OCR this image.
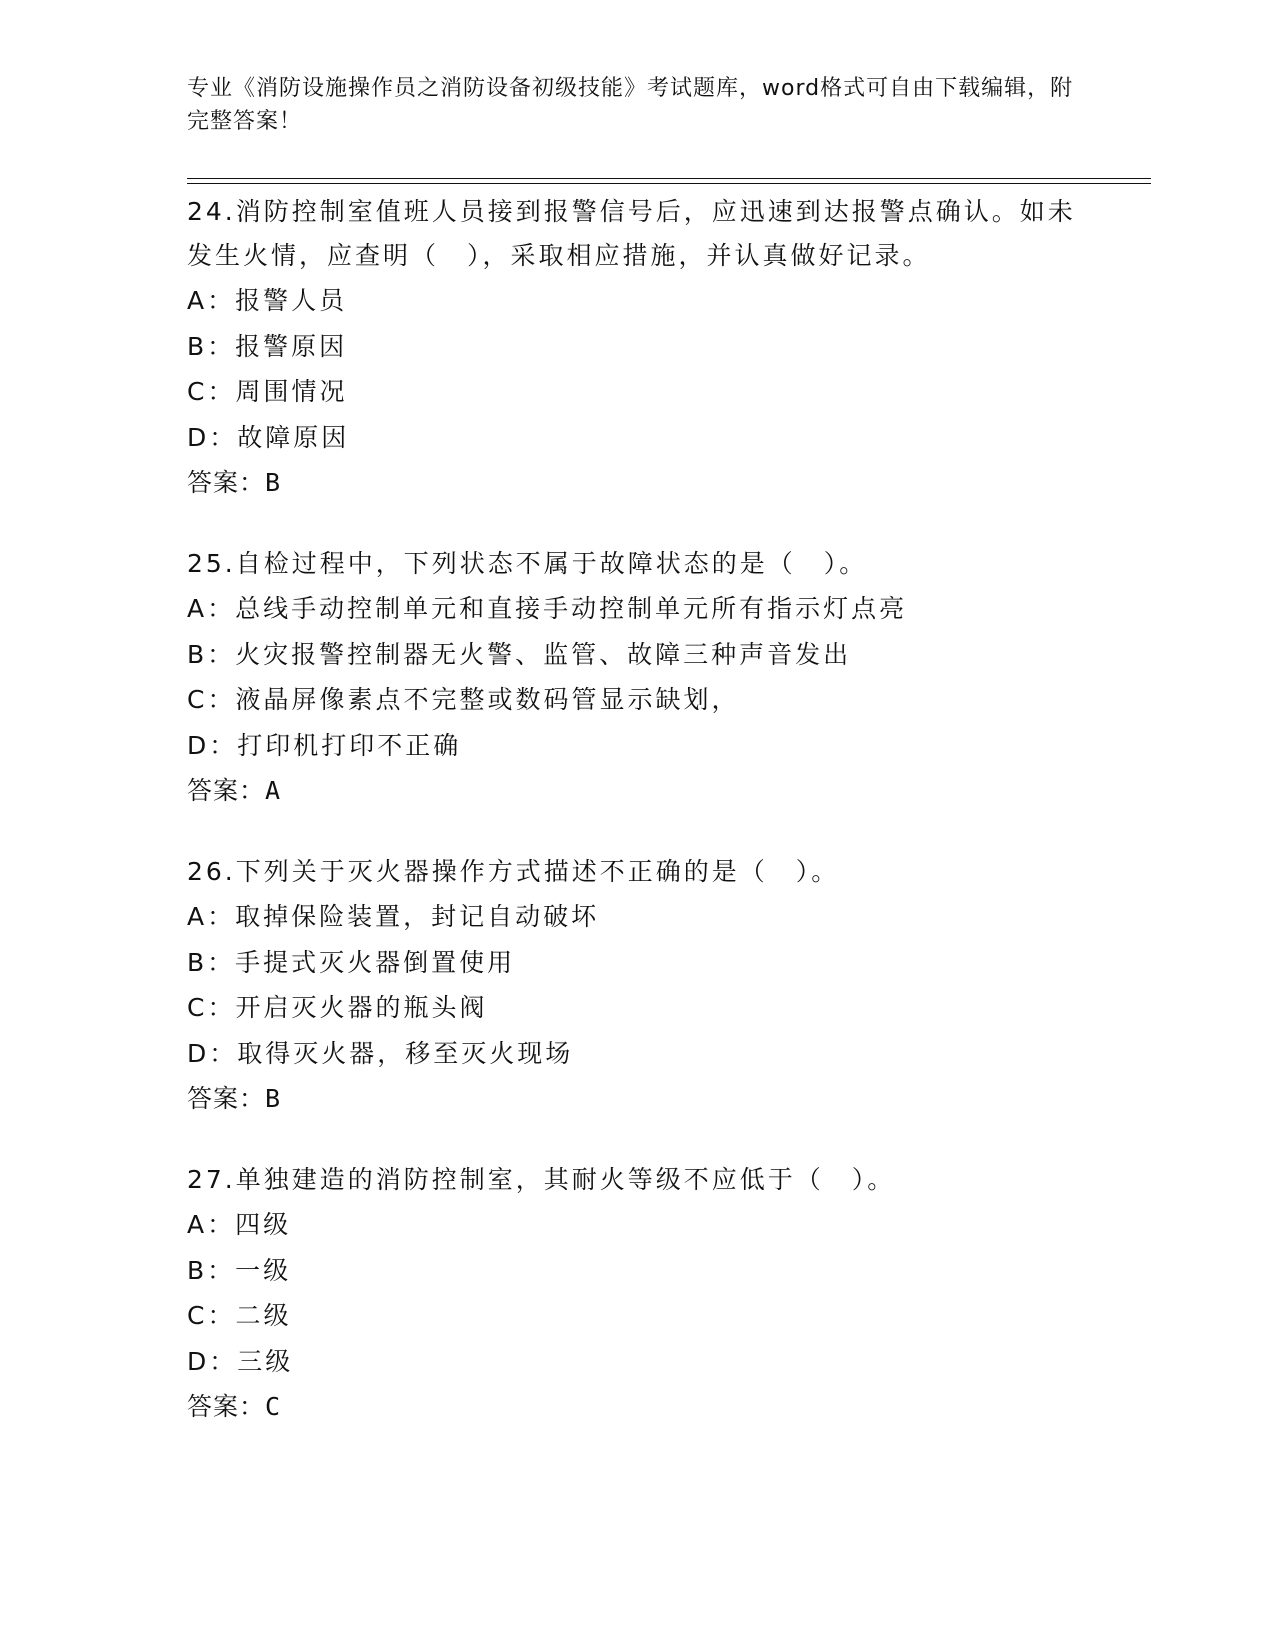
专业《消防设施操作员之消防设备初级技能》考试题库，word格式可自由下载编辑，附完整答案！

24.消防控制室值班人员接到报警信号后，应迅速到达报警点确认。如未发生火情，应查明（　），采取相应措施，并认真做好记录。

A：报警人员

B：报警原因

C：周围情况

D：故障原因

答案：B

25.自检过程中，下列状态不属于故障状态的是（　）。

A：总线手动控制单元和直接手动控制单元所有指示灯点亮

B：火灾报警控制器无火警、监管、故障三种声音发出

C：液晶屏像素点不完整或数码管显示缺划，

D：打印机打印不正确

答案：A

26.下列关于灭火器操作方式描述不正确的是（　）。

A：取掉保险装置，封记自动破坏

B：手提式灭火器倒置使用

C：开启灭火器的瓶头阀

D：取得灭火器，移至灭火现场

答案：B

27.单独建造的消防控制室，其耐火等级不应低于（　）。

A：四级

B：一级

C：二级

D：三级

答案：C
